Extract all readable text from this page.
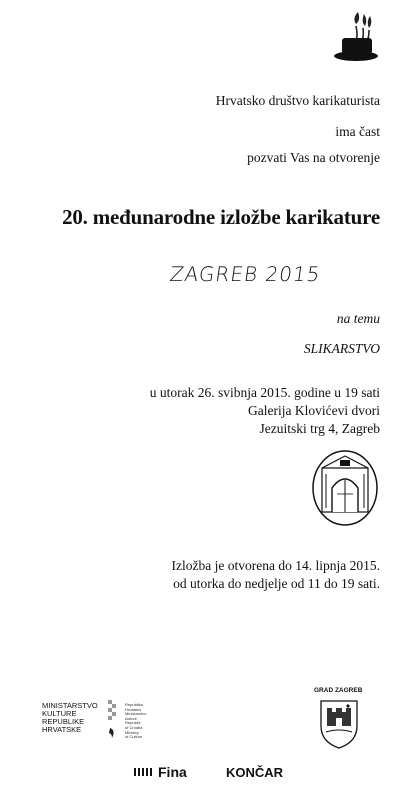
Hrvatsko društvo karikaturista
ima čast
pozvati Vas na otvorenje
20. međunarodne izložbe karikature
ZAGREB 2015
na temu
SLIKARSTVO
u utorak 26. svibnja 2015. godine u 19 sati
Galerija Klovićevi dvori
Jezuitski trg 4, Zagreb
Izložba je otvorena do 14. lipnja 2015.
od utorka do nedjelje od 11 do 19 sati.
MINISTARSTVO
KULTURE
REPUBLIKE
HRVATSKE
Republika
Hrvatska
Ministarstvo
kulture
Republic
of Croatia
Ministry
of Culture
GRAD ZAGREB
Fina	KONČAR
